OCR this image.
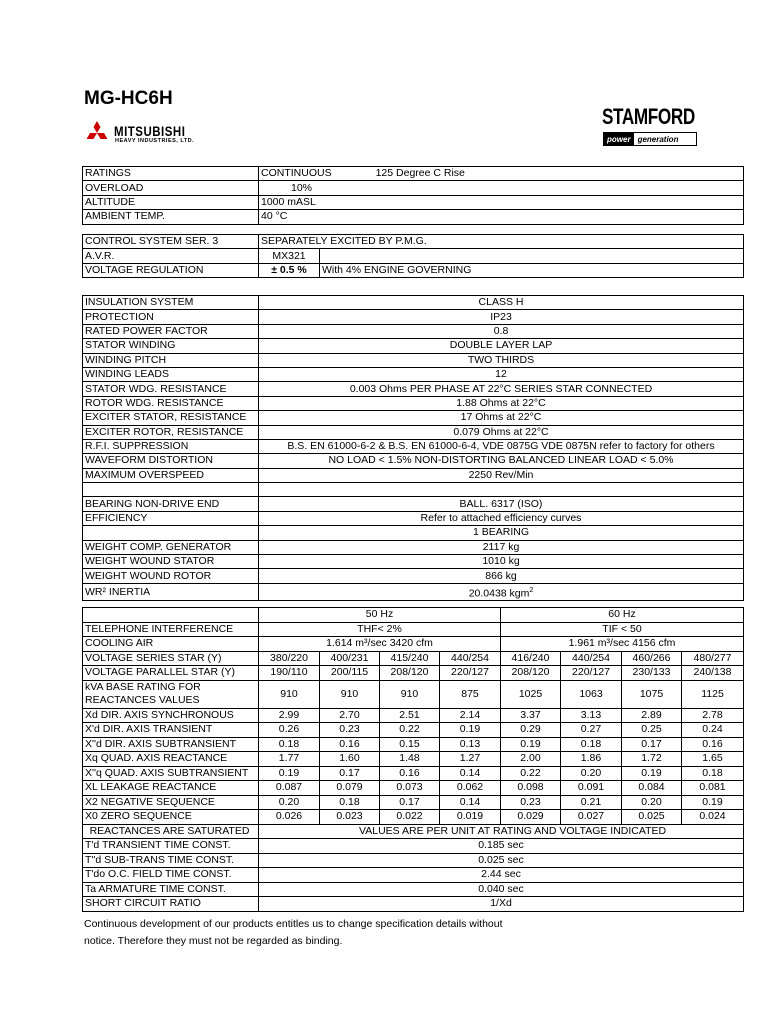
MG-HC6H
MITSUBISHI
HEAVY INDUSTRIES, LTD.
STAMFORD
power generation
RATINGS	CONTINUOUS 125 Degree C Rise
OVERLOAD	10%
ALTITUDE	1000 mASL
AMBIENT TEMP.	40 °C
CONTROL SYSTEM SER. 3	SEPARATELY EXCITED BY P.M.G.	
A.V.R.	MX321	
VOLTAGE REGULATION	± 0.5 %	With 4% ENGINE GOVERNING
INSULATION SYSTEM	CLASS H
PROTECTION	IP23
RATED POWER FACTOR	0.8
STATOR WINDING	DOUBLE LAYER LAP
WINDING PITCH	TWO THIRDS
WINDING LEADS	12
STATOR WDG. RESISTANCE	0.003 Ohms PER PHASE AT 22°C SERIES STAR CONNECTED
ROTOR WDG. RESISTANCE	1.88 Ohms at 22°C
EXCITER STATOR, RESISTANCE	17 Ohms at 22°C
EXCITER ROTOR, RESISTANCE	0.079 Ohms at 22°C
R.F.I. SUPPRESSION	B.S. EN 61000-6-2 & B.S. EN 61000-6-4, VDE 0875G VDE 0875N refer to factory for others
WAVEFORM DISTORTION	NO LOAD < 1.5% NON-DISTORTING BALANCED LINEAR LOAD < 5.0%
MAXIMUM OVERSPEED	2250 Rev/Min

BEARING NON-DRIVE END	BALL. 6317 (ISO)
EFFICIENCY	Refer to attached efficiency curves
	1 BEARING
WEIGHT COMP. GENERATOR	2117 kg
WEIGHT WOUND STATOR	1010 kg
WEIGHT WOUND ROTOR	866 kg
WR² INERTIA	20.0438 kgm$^2$
	50 Hz				60 Hz			
TELEPHONE INTERFERENCE	THF< 2%				TIF < 50			
COOLING AIR	1.614 m³/sec 3420 cfm				1.961 m³/sec 4156 cfm			

VOLTAGE SERIES STAR (Y)	380/220	400/231	415/240	440/254	416/240	440/254	460/266	480/277

VOLTAGE PARALLEL STAR (Y)	190/110	200/115	208/120	220/127	208/120	220/127	230/133	240/138

kVA BASE RATING FOR
REACTANCES VALUES	910	910	910	875	1025	1063	1075	1125

Xd DIR. AXIS SYNCHRONOUS	2.99	2.70	2.51	2.14	3.37	3.13	2.89	2.78

X'd DIR. AXIS TRANSIENT	0.26	0.23	0.22	0.19	0.29	0.27	0.25	0.24

X''d DIR. AXIS SUBTRANSIENT	0.18	0.16	0.15	0.13	0.19	0.18	0.17	0.16

Xq QUAD. AXIS REACTANCE	1.77	1.60	1.48	1.27	2.00	1.86	1.72	1.65

X''q QUAD. AXIS SUBTRANSIENT	0.19	0.17	0.16	0.14	0.22	0.20	0.19	0.18

XL LEAKAGE REACTANCE	0.087	0.079	0.073	0.062	0.098	0.091	0.084	0.081

X2 NEGATIVE SEQUENCE	0.20	0.18	0.17	0.14	0.23	0.21	0.20	0.19

X0 ZERO SEQUENCE	0.026	0.023	0.022	0.019	0.029	0.027	0.025	0.024
REACTANCES ARE SATURATED	VALUES ARE PER UNIT AT RATING AND VOLTAGE INDICATED							
T'd TRANSIENT TIME CONST.	0.185 sec							
T''d SUB-TRANS TIME CONST.	0.025 sec							
T'do O.C. FIELD TIME CONST.	2.44 sec							
Ta ARMATURE TIME CONST.	0.040 sec							
SHORT CIRCUIT RATIO	1/Xd							
Continuous development of our products entitles us to change specification details without
notice. Therefore they must not be regarded as binding.
